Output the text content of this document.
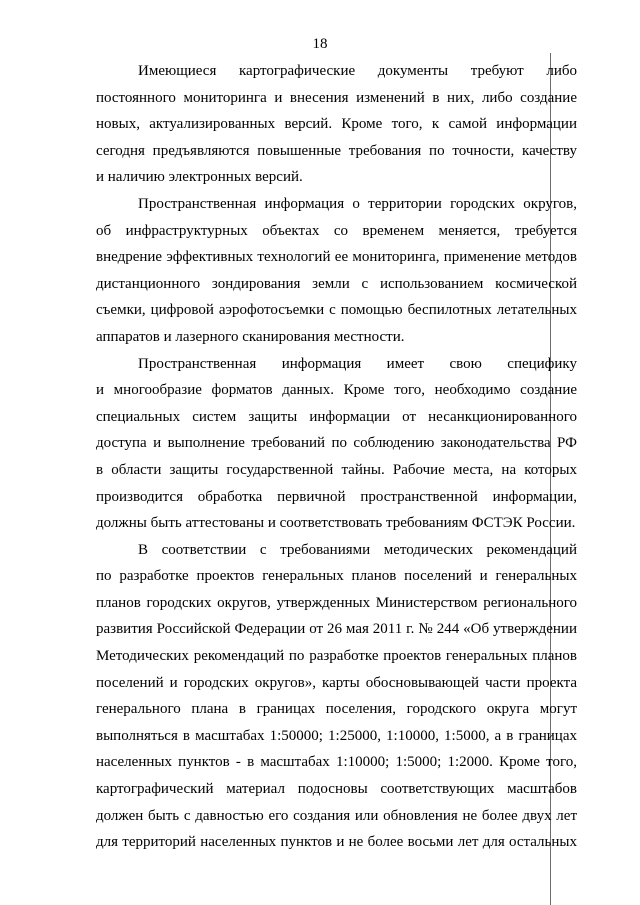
18
Имеющиеся картографические документы требуют либо
постоянного мониторинга и внесения изменений в них, либо создание
новых, актуализированных версий. Кроме того, к самой информации
сегодня предъявляются повышенные требования по точности, качеству
и наличию электронных версий.
Пространственная информация о территории городских округов,
об инфраструктурных объектах со временем меняется, требуется
внедрение эффективных технологий ее мониторинга, применение методов
дистанционного зондирования земли с использованием космической
съемки, цифровой аэрофотосъемки с помощью беспилотных летательных
аппаратов и лазерного сканирования местности.
Пространственная информация имеет свою специфику
и многообразие форматов данных. Кроме того, необходимо создание
специальных систем защиты информации от несанкционированного
доступа и выполнение требований по соблюдению законодательства РФ
в области защиты государственной тайны. Рабочие места, на которых
производится обработка первичной пространственной информации,
должны быть аттестованы и соответствовать требованиям ФСТЭК России.
В соответствии с требованиями методических рекомендаций
по разработке проектов генеральных планов поселений и генеральных
планов городских округов, утвержденных Министерством регионального
развития Российской Федерации от 26 мая 2011 г. № 244 «Об утверждении
Методических рекомендаций по разработке проектов генеральных планов
поселений и городских округов», карты обосновывающей части проекта
генерального плана в границах поселения, городского округа могут
выполняться в масштабах 1:50000; 1:25000, 1:10000, 1:5000, а в границах
населенных пунктов - в масштабах 1:10000; 1:5000; 1:2000. Кроме того,
картографический материал подосновы соответствующих масштабов
должен быть с давностью его создания или обновления не более двух лет
для территорий населенных пунктов и не более восьми лет для остальных
